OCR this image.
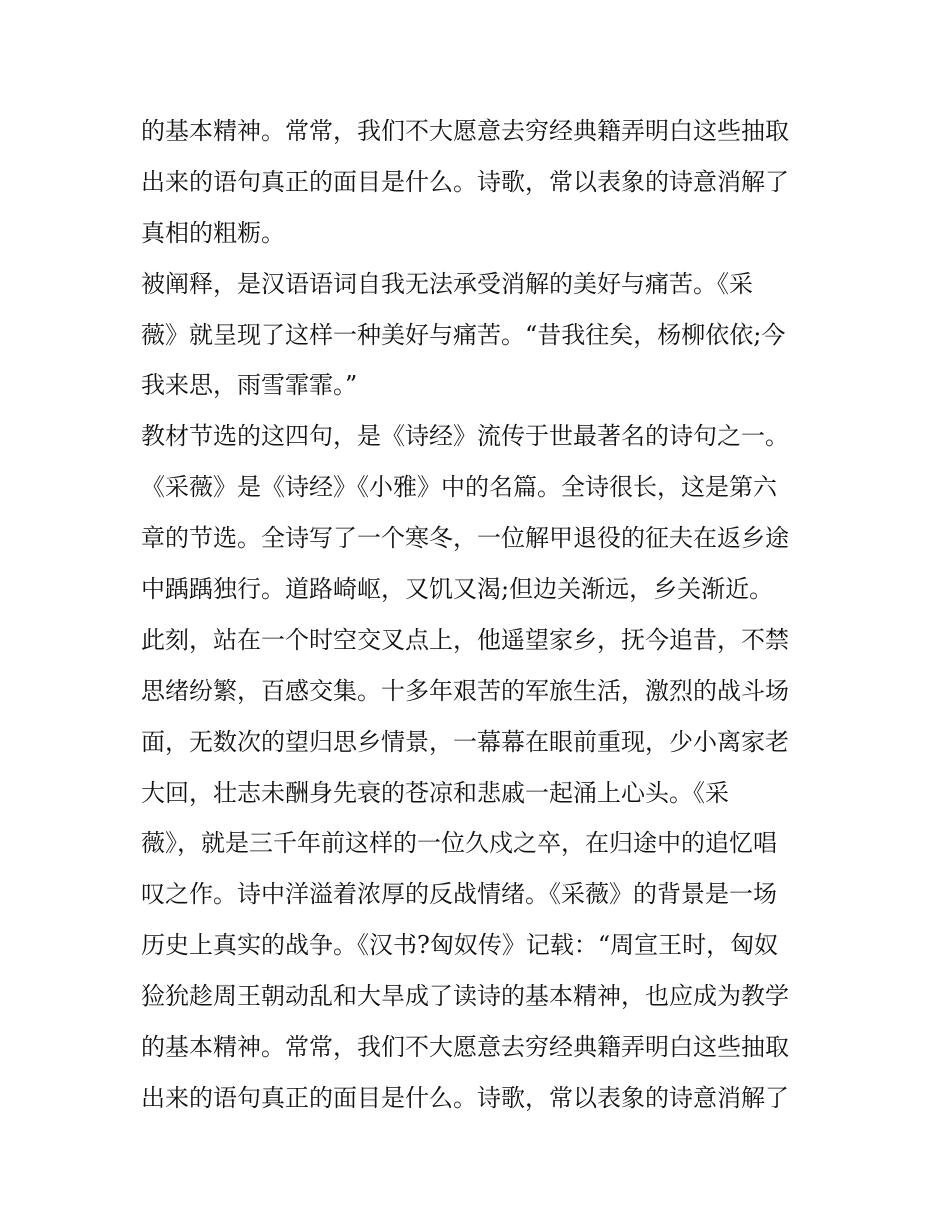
的基本精神。常常，我们不大愿意去穷经典籍弄明白这些抽取
出来的语句真正的面目是什么。诗歌，常以表象的诗意消解了
真相的粗粝。
被阐释，是汉语语词自我无法承受消解的美好与痛苦。《采
薇》就呈现了这样一种美好与痛苦。“昔我往矣，杨柳依依;今
我来思，雨雪霏霏。”
教材节选的这四句，是《诗经》流传于世最著名的诗句之一。
《采薇》是《诗经》《小雅》中的名篇。全诗很长，这是第六
章的节选。全诗写了一个寒冬，一位解甲退役的征夫在返乡途
中踽踽独行。道路崎岖，又饥又渴;但边关渐远，乡关渐近。
此刻，站在一个时空交叉点上，他遥望家乡，抚今追昔，不禁
思绪纷繁，百感交集。十多年艰苦的军旅生活，激烈的战斗场
面，无数次的望归思乡情景，一幕幕在眼前重现，少小离家老
大回，壮志未酬身先衰的苍凉和悲戚一起涌上心头。《采
薇》，就是三千年前这样的一位久戍之卒，在归途中的追忆唱
叹之作。诗中洋溢着浓厚的反战情绪。《采薇》的背景是一场
历史上真实的战争。《汉书?匈奴传》记载：“周宣王时，匈奴
猃狁趁周王朝动乱和大旱成了读诗的基本精神，也应成为教学
的基本精神。常常，我们不大愿意去穷经典籍弄明白这些抽取
出来的语句真正的面目是什么。诗歌，常以表象的诗意消解了
